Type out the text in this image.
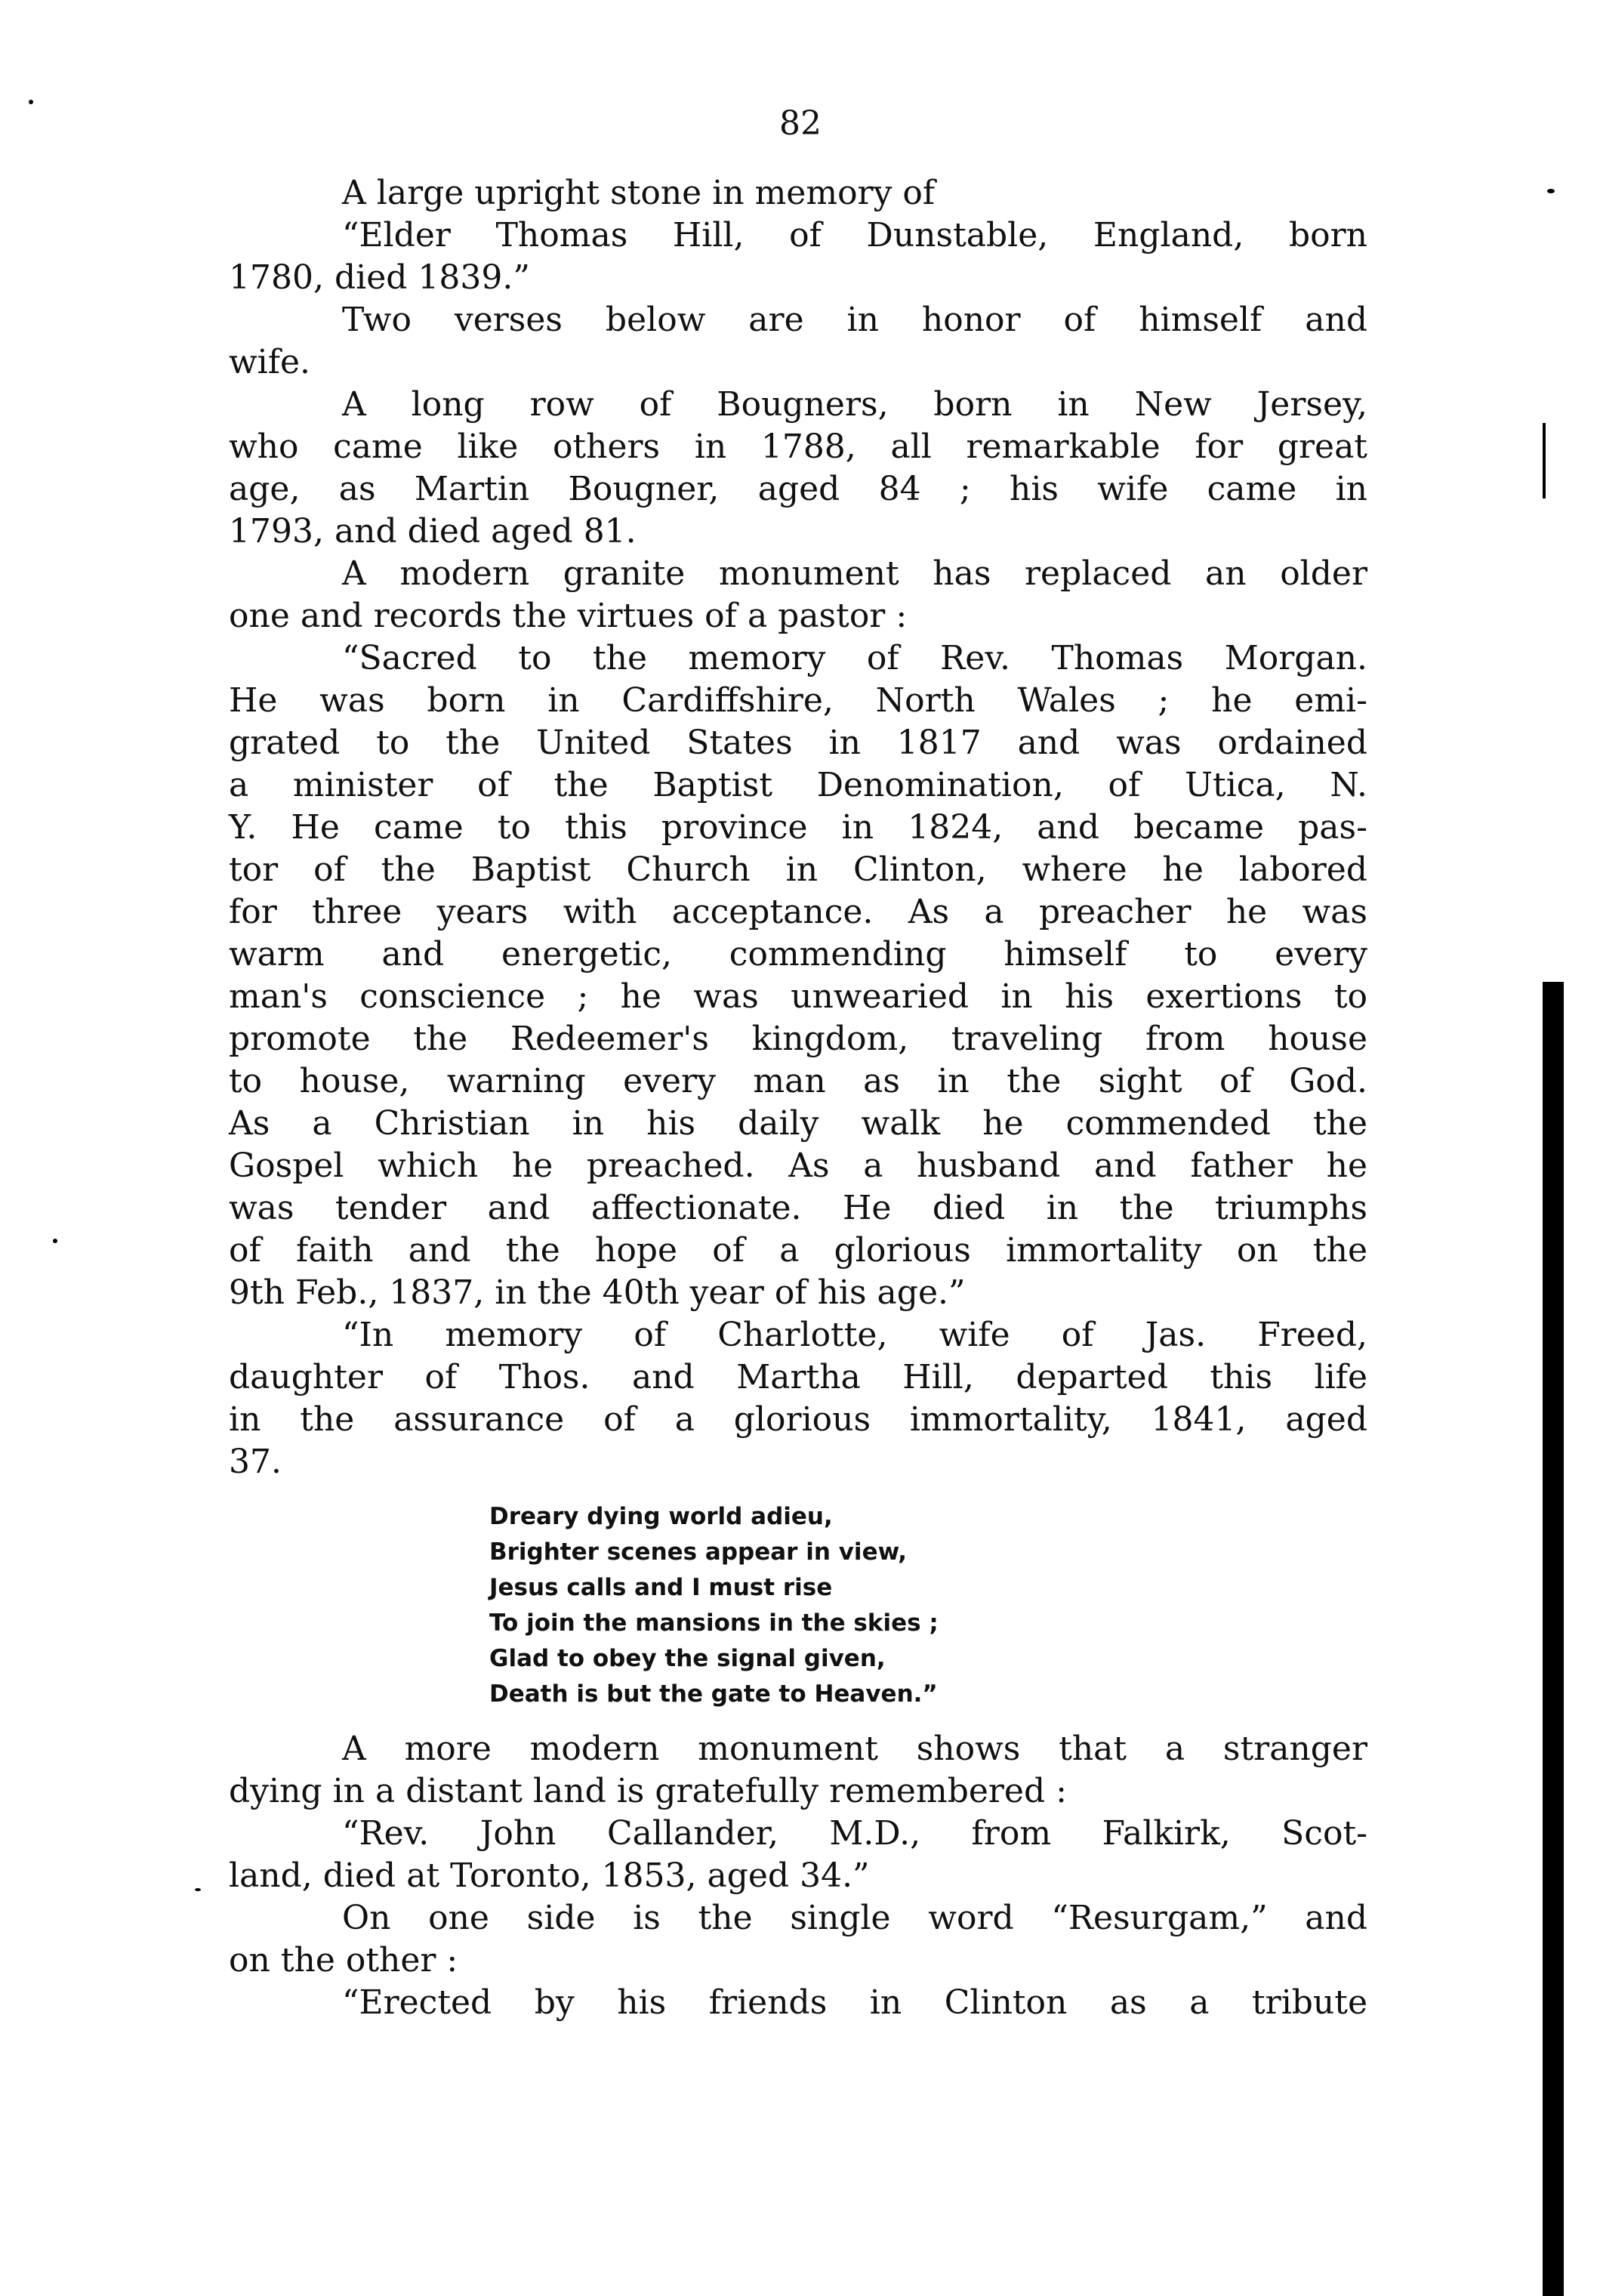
82
A large upright stone in memory of
“Elder Thomas Hill, of Dunstable, England, born
1780, died 1839.”
Two verses below are in honor of himself and
wife.
A long row of Bougners, born in New Jersey,
who came like others in 1788, all remarkable for great
age, as Martin Bougner, aged 84 ; his wife came in
1793, and died aged 81.
A modern granite monument has replaced an older
one and records the virtues of a pastor :
“Sacred to the memory of Rev. Thomas Morgan.
He was born in Cardiffshire, North Wales ; he emi-
grated to the United States in 1817 and was ordained
a minister of the Baptist Denomination, of Utica, N.
Y. He came to this province in 1824, and became pas-
tor of the Baptist Church in Clinton, where he labored
for three years with acceptance. As a preacher he was
warm and energetic, commending himself to every
man's conscience ; he was unwearied in his exertions to
promote the Redeemer's kingdom, traveling from house
to house, warning every man as in the sight of God.
As a Christian in his daily walk he commended the
Gospel which he preached. As a husband and father he
was tender and affectionate. He died in the triumphs
of faith and the hope of a glorious immortality on the
9th Feb., 1837, in the 40th year of his age.”
“In memory of Charlotte, wife of Jas. Freed,
daughter of Thos. and Martha Hill, departed this life
in the assurance of a glorious immortality, 1841, aged
37.
Dreary dying world adieu,
Brighter scenes appear in view,
Jesus calls and I must rise
To join the mansions in the skies ;
Glad to obey the signal given,
Death is but the gate to Heaven.”
A more modern monument shows that a stranger
dying in a distant land is gratefully remembered :
“Rev. John Callander, M.D., from Falkirk, Scot-
land, died at Toronto, 1853, aged 34.”
On one side is the single word “Resurgam,” and
on the other :
“Erected by his friends in Clinton as a tribute
